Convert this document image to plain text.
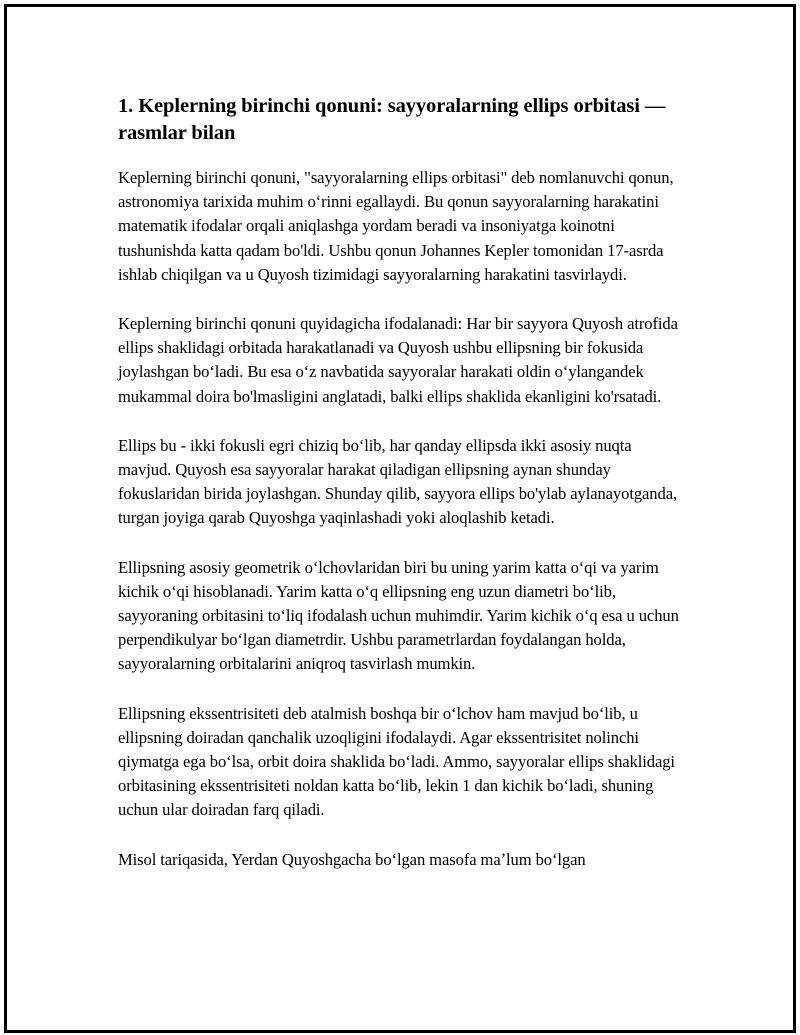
1. Keplerning birinchi qonuni: sayyoralarning ellips orbitasi — rasmlar bilan

Keplerning birinchi qonuni, "sayyoralarning ellips orbitasi" deb nomlanuvchi qonun, astronomiya tarixida muhim oʻrinni egallaydi. Bu qonun sayyoralarning harakatini matematik ifodalar orqali aniqlashga yordam beradi va insoniyatga koinotni tushunishda katta qadam bo'ldi. Ushbu qonun Johannes Kepler tomonidan 17-asrda ishlab chiqilgan va u Quyosh tizimidagi sayyoralarning harakatini tasvirlaydi.

Keplerning birinchi qonuni quyidagicha ifodalanadi: Har bir sayyora Quyosh atrofida ellips shaklidagi orbitada harakatlanadi va Quyosh ushbu ellipsning bir fokusida joylashgan boʻladi. Bu esa oʻz navbatida sayyoralar harakati oldin oʻylangandek mukammal doira bo'lmasligini anglatadi, balki ellips shaklida ekanligini ko'rsatadi.

Ellips bu - ikki fokusli egri chiziq boʻlib, har qanday ellipsda ikki asosiy nuqta mavjud. Quyosh esa sayyoralar harakat qiladigan ellipsning aynan shunday fokuslaridan birida joylashgan. Shunday qilib, sayyora ellips bo'ylab aylanayotganda, turgan joyiga qarab Quyoshga yaqinlashadi yoki aloqlashib ketadi.

Ellipsning asosiy geometrik oʻlchovlaridan biri bu uning yarim katta oʻqi va yarim kichik oʻqi hisoblanadi. Yarim katta oʻq ellipsning eng uzun diametri boʻlib, sayyoraning orbitasini toʻliq ifodalash uchun muhimdir. Yarim kichik oʻq esa u uchun perpendikulyar boʻlgan diametrdir. Ushbu parametrlardan foydalangan holda, sayyoralarning orbitalarini aniqroq tasvirlash mumkin.

Ellipsning ekssentrisiteti deb atalmish boshqa bir oʻlchov ham mavjud boʻlib, u ellipsning doiradan qanchalik uzoqligini ifodalaydi. Agar ekssentrisitet nolinchi qiymatga ega boʻlsa, orbit doira shaklida boʻladi. Ammo, sayyoralar ellips shaklidagi orbitasining ekssentrisiteti noldan katta boʻlib, lekin 1 dan kichik boʻladi, shuning uchun ular doiradan farq qiladi.

Misol tariqasida, Yerdan Quyoshgacha boʻlgan masofa maʼlum boʻlgan
